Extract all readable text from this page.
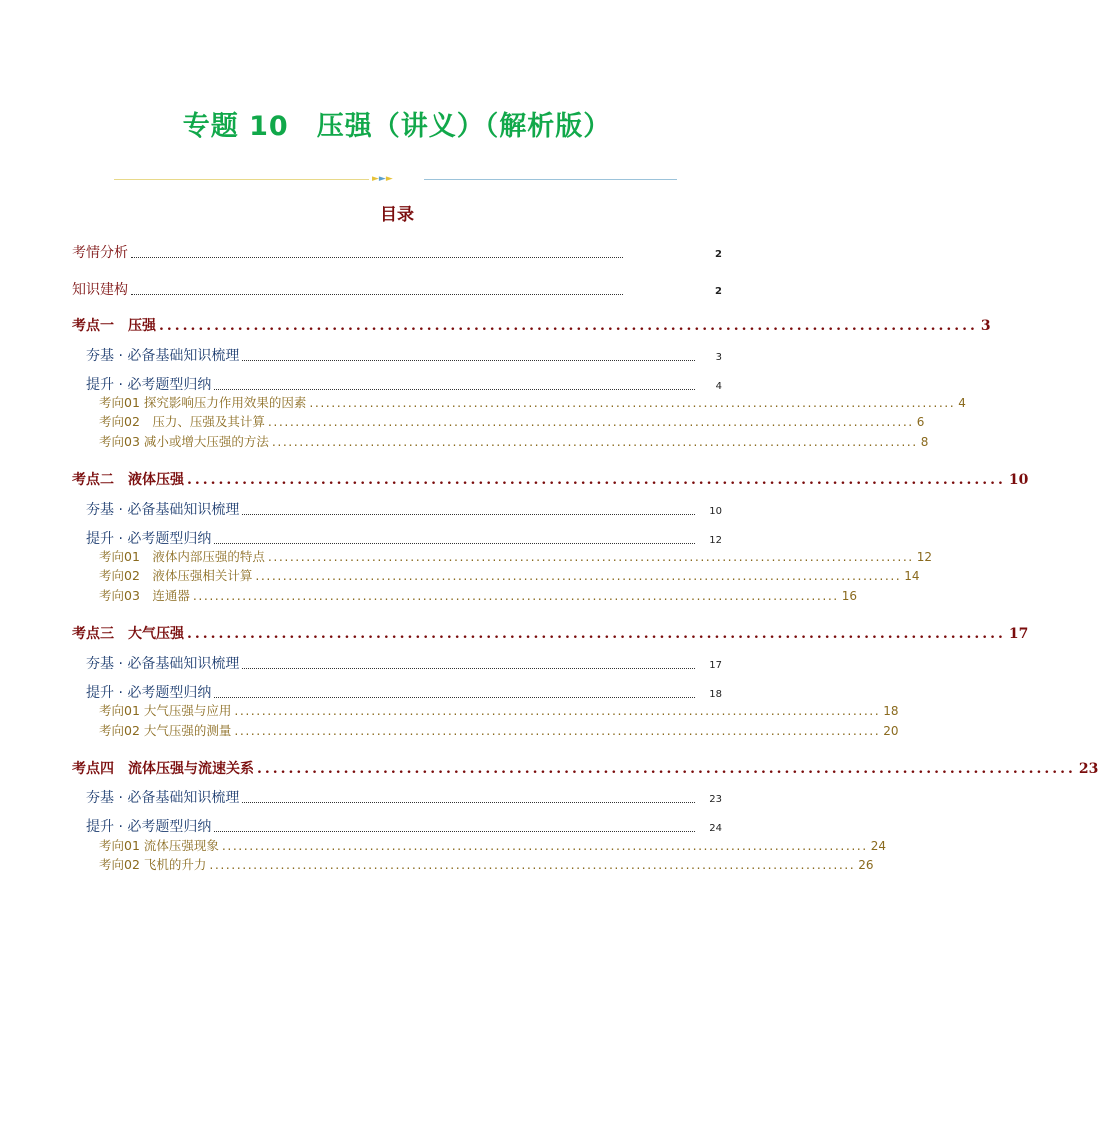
专题 10　压强（讲义）（解析版）
►►►
目录
考情分析	2
知识建构	2
考点一　压强 ........................................................................................................ 3
夯基 · 必备基础知识梳理	3
提升 · 必考题型归纳	4
考向01 探究影响压力作用效果的因素 ...................................................................................................................... 4
考向02　压力、压强及其计算 ...................................................................................................................... 6
考向03 减小或增大压强的方法 ...................................................................................................................... 8
考点二　液体压强 ........................................................................................................ 10
夯基 · 必备基础知识梳理	10
提升 · 必考题型归纳	12
考向01　液体内部压强的特点 ...................................................................................................................... 12
考向02　液体压强相关计算 ...................................................................................................................... 14
考向03　连通器 ...................................................................................................................... 16
考点三　大气压强 ........................................................................................................ 17
夯基 · 必备基础知识梳理	17
提升 · 必考题型归纳	18
考向01 大气压强与应用 ...................................................................................................................... 18
考向02 大气压强的测量 ...................................................................................................................... 20
考点四　流体压强与流速关系 ........................................................................................................ 23
夯基 · 必备基础知识梳理	23
提升 · 必考题型归纳	24
考向01 流体压强现象 ...................................................................................................................... 24
考向02 飞机的升力 ...................................................................................................................... 26
